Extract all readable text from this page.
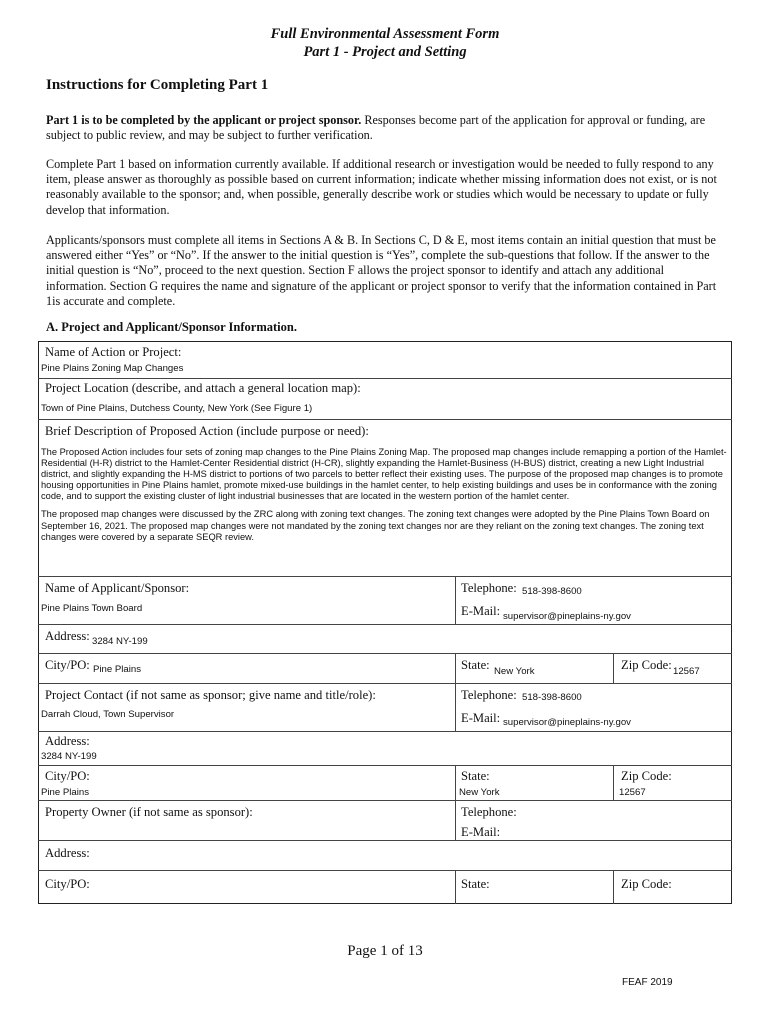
Full Environmental Assessment Form
Part 1 - Project and Setting
Instructions for Completing Part 1
Part 1 is to be completed by the applicant or project sponsor. Responses become part of the application for approval or funding, are subject to public review, and may be subject to further verification.
Complete Part 1 based on information currently available. If additional research or investigation would be needed to fully respond to any item, please answer as thoroughly as possible based on current information; indicate whether missing information does not exist, or is not reasonably available to the sponsor; and, when possible, generally describe work or studies which would be necessary to update or fully develop that information.
Applicants/sponsors must complete all items in Sections A & B. In Sections C, D & E, most items contain an initial question that must be answered either “Yes” or “No”. If the answer to the initial question is “Yes”, complete the sub-questions that follow. If the answer to the initial question is “No”, proceed to the next question. Section F allows the project sponsor to identify and attach any additional information. Section G requires the name and signature of the applicant or project sponsor to verify that the information contained in Part 1is accurate and complete.
A. Project and Applicant/Sponsor Information.
Name of Action or Project:
Pine Plains Zoning Map Changes
Project Location (describe, and attach a general location map):
Town of Pine Plains, Dutchess County, New York (See Figure 1)
Brief Description of Proposed Action (include purpose or need):

The Proposed Action includes four sets of zoning map changes to the Pine Plains Zoning Map. The proposed map changes include remapping a portion of the Hamlet-Residential (H-R) district to the Hamlet-Center Residential district (H-CR), slightly expanding the Hamlet-Business (H-BUS) district, creating a new Light Industrial district, and slightly expanding the H-MS district to portions of two parcels to better reflect their existing uses. The purpose of the proposed map changes is to promote housing opportunities in Pine Plains hamlet, promote mixed-use buildings in the hamlet center, to help existing buildings and uses be in conformance with the zoning code, and to support the existing cluster of light industrial businesses that are located in the western portion of the hamlet center.

The proposed map changes were discussed by the ZRC along with zoning text changes. The zoning text changes were adopted by the Pine Plains Town Board on September 16, 2021. The proposed map changes were not mandated by the zoning text changes nor are they reliant on the zoning text changes. The zoning text changes were covered by a separate SEQR review.

Name of Applicant/Sponsor:
Pine Plains Town Board
Telephone: 518-398-8600
E-Mail: supervisor@pineplains-ny.gov
Address: 3284 NY-199
City/PO: Pine Plains	State: New York	Zip Code: 12567
Project Contact (if not same as sponsor; give name and title/role):
Darrah Cloud, Town Supervisor
Telephone: 518-398-8600
E-Mail: supervisor@pineplains-ny.gov
Address:
3284 NY-199
City/PO:
Pine Plains
State:
New York
Zip Code:
12567
Property Owner (if not same as sponsor):	Telephone:
E-Mail:
Address:
City/PO:	State:	Zip Code:
Page 1 of 13
FEAF 2019
